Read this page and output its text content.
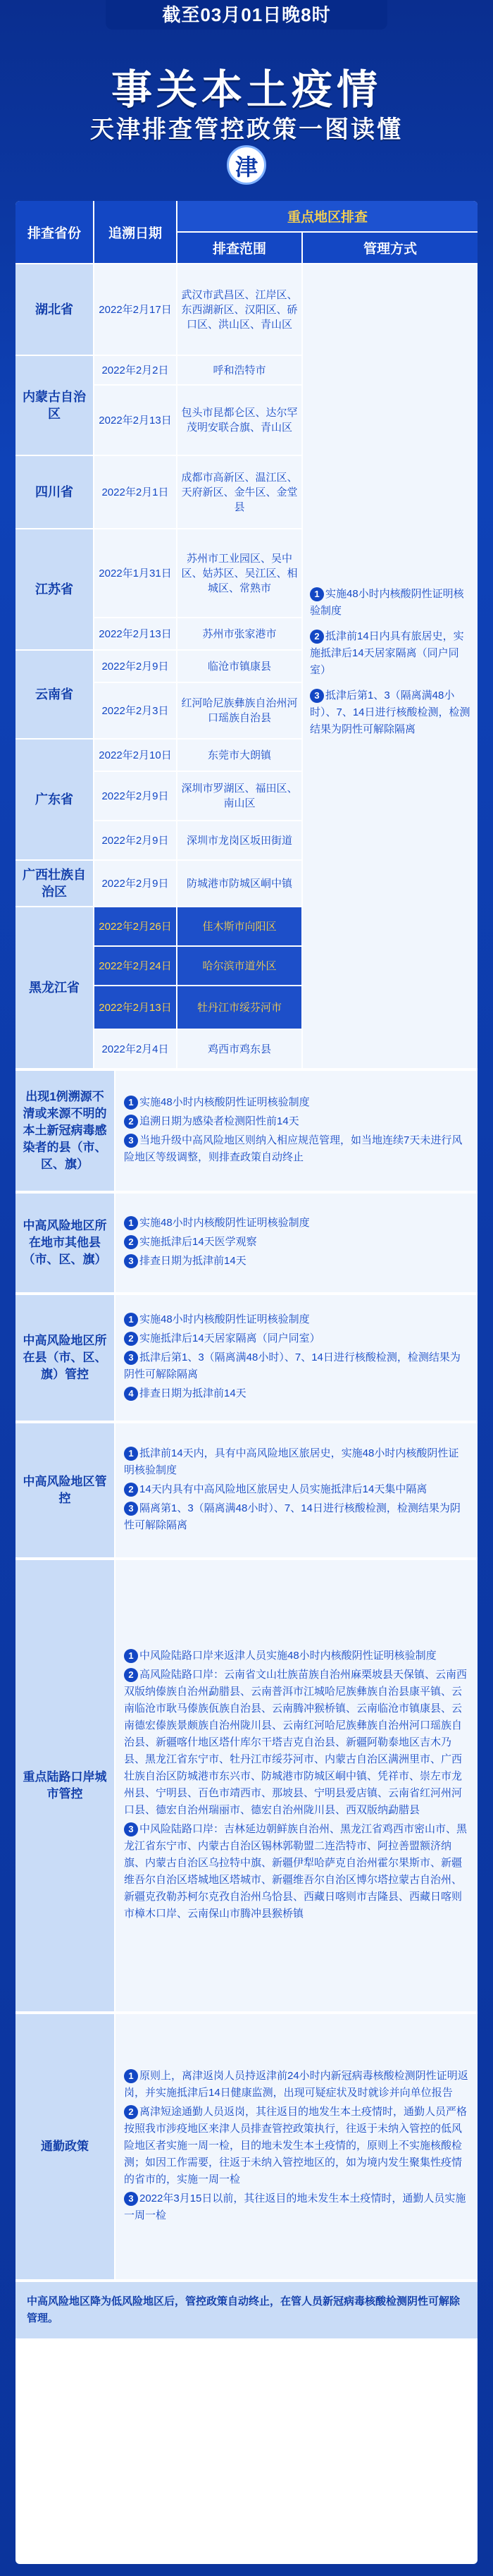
截至03月01日晚8时
事关本土疫情
天津排查管控政策一图读懂
津
排查省份	追溯日期
重点地区排查
排查范围	管理方式
湖北省
内蒙古自治区
四川省
江苏省
云南省
广东省
广西壮族自治区
黑龙江省
2022年2月17日
2022年2月2日
2022年2月13日
2022年2月1日
2022年1月31日
2022年2月13日
2022年2月9日
2022年2月3日
2022年2月10日
2022年2月9日
2022年2月9日
2022年2月9日
2022年2月26日
2022年2月24日
2022年2月13日
2022年2月4日
武汉市武昌区、江岸区、东西湖新区、汉阳区、硚口区、洪山区、青山区
呼和浩特市
包头市昆都仑区、达尔罕茂明安联合旗、青山区
成都市高新区、温江区、天府新区、金牛区、金堂县
苏州市工业园区、吴中区、姑苏区、吴江区、相城区、常熟市
苏州市张家港市
临沧市镇康县
红河哈尼族彝族自治州河口瑶族自治县
东莞市大朗镇
深圳市罗湖区、福田区、南山区
深圳市龙岗区坂田街道
防城港市防城区峒中镇
佳木斯市向阳区
哈尔滨市道外区
牡丹江市绥芬河市
鸡西市鸡东县

1 实施48小时内核酸阴性证明核验制度

2 抵津前14日内具有旅居史，实施抵津后14天居家隔离（同户同室）

3 抵津后第1、3（隔离满48小时）、7、14日进行核酸检测，检测结果为阴性可解除隔离

出现1例溯源不清或来源不明的本土新冠病毒感染者的县（市、区、旗）

1 实施48小时内核酸阴性证明核验制度

2 追溯日期为感染者检测阳性前14天

3 当地升级中高风险地区则纳入相应规范管理，如当地连续7天未进行风险地区等级调整，则排查政策自动终止

中高风险地区所在地市其他县（市、区、旗）

1 实施48小时内核酸阴性证明核验制度

2 实施抵津后14天医学观察

3 排查日期为抵津前14天

中高风险地区所在县（市、区、旗）管控

1 实施48小时内核酸阴性证明核验制度

2 实施抵津后14天居家隔离（同户同室）

3 抵津后第1、3（隔离满48小时）、7、14日进行核酸检测，检测结果为阴性可解除隔离

4 排查日期为抵津前14天

中高风险地区管控

1 抵津前14天内，具有中高风险地区旅居史，实施48小时内核酸阴性证明核验制度

2 14天内具有中高风险地区旅居史人员实施抵津后14天集中隔离

3 隔离第1、3（隔离满48小时）、7、14日进行核酸检测，检测结果为阴性可解除隔离

重点陆路口岸城市管控

1 中风险陆路口岸来返津人员实施48小时内核酸阴性证明核验制度

2 高风险陆路口岸：云南省文山壮族苗族自治州麻栗坡县天保镇、云南西双版纳傣族自治州勐腊县、云南普洱市江城哈尼族彝族自治县康平镇、云南临沧市耿马傣族佤族自治县、云南腾冲猴桥镇、云南临沧市镇康县、云南德宏傣族景颇族自治州陇川县、云南红河哈尼族彝族自治州河口瑶族自治县、新疆喀什地区塔什库尔干塔吉克自治县、新疆阿勒泰地区吉木乃县、黑龙江省东宁市、牡丹江市绥芬河市、内蒙古自治区满洲里市、广西壮族自治区防城港市东兴市、防城港市防城区峒中镇、凭祥市、崇左市龙州县、宁明县、百色市靖西市、那坡县、宁明县爱店镇、云南省红河州河口县、德宏自治州瑞丽市、德宏自治州陇川县、西双版纳勐腊县

3 中风险陆路口岸：吉林延边朝鲜族自治州、黑龙江省鸡西市密山市、黑龙江省东宁市、内蒙古自治区锡林郭勒盟二连浩特市、阿拉善盟额济纳旗、内蒙古自治区乌拉特中旗、新疆伊犁哈萨克自治州霍尔果斯市、新疆维吾尔自治区塔城地区塔城市、新疆维吾尔自治区博尔塔拉蒙古自治州、新疆克孜勒苏柯尔克孜自治州乌恰县、西藏日喀则市吉隆县、西藏日喀则市樟木口岸、云南保山市腾冲县猴桥镇

通勤政策

1 原则上，离津返岗人员持返津前24小时内新冠病毒核酸检测阴性证明返岗，并实施抵津后14日健康监测，出现可疑症状及时就诊并向单位报告

2 离津短途通勤人员返岗，其往返目的地发生本土疫情时，通勤人员严格按照我市涉疫地区来津人员排查管控政策执行，往返于未纳入管控的低风险地区者实施一周一检，目的地未发生本土疫情的，原则上不实施核酸检测；如因工作需要，往返于未纳入管控地区的，如为境内发生聚集性疫情的省市的，实施一周一检

3 2022年3月15日以前，其往返目的地未发生本土疫情时，通勤人员实施一周一检

中高风险地区降为低风险地区后，管控政策自动终止，在管人员新冠病毒核酸检测阴性可解除管理。
